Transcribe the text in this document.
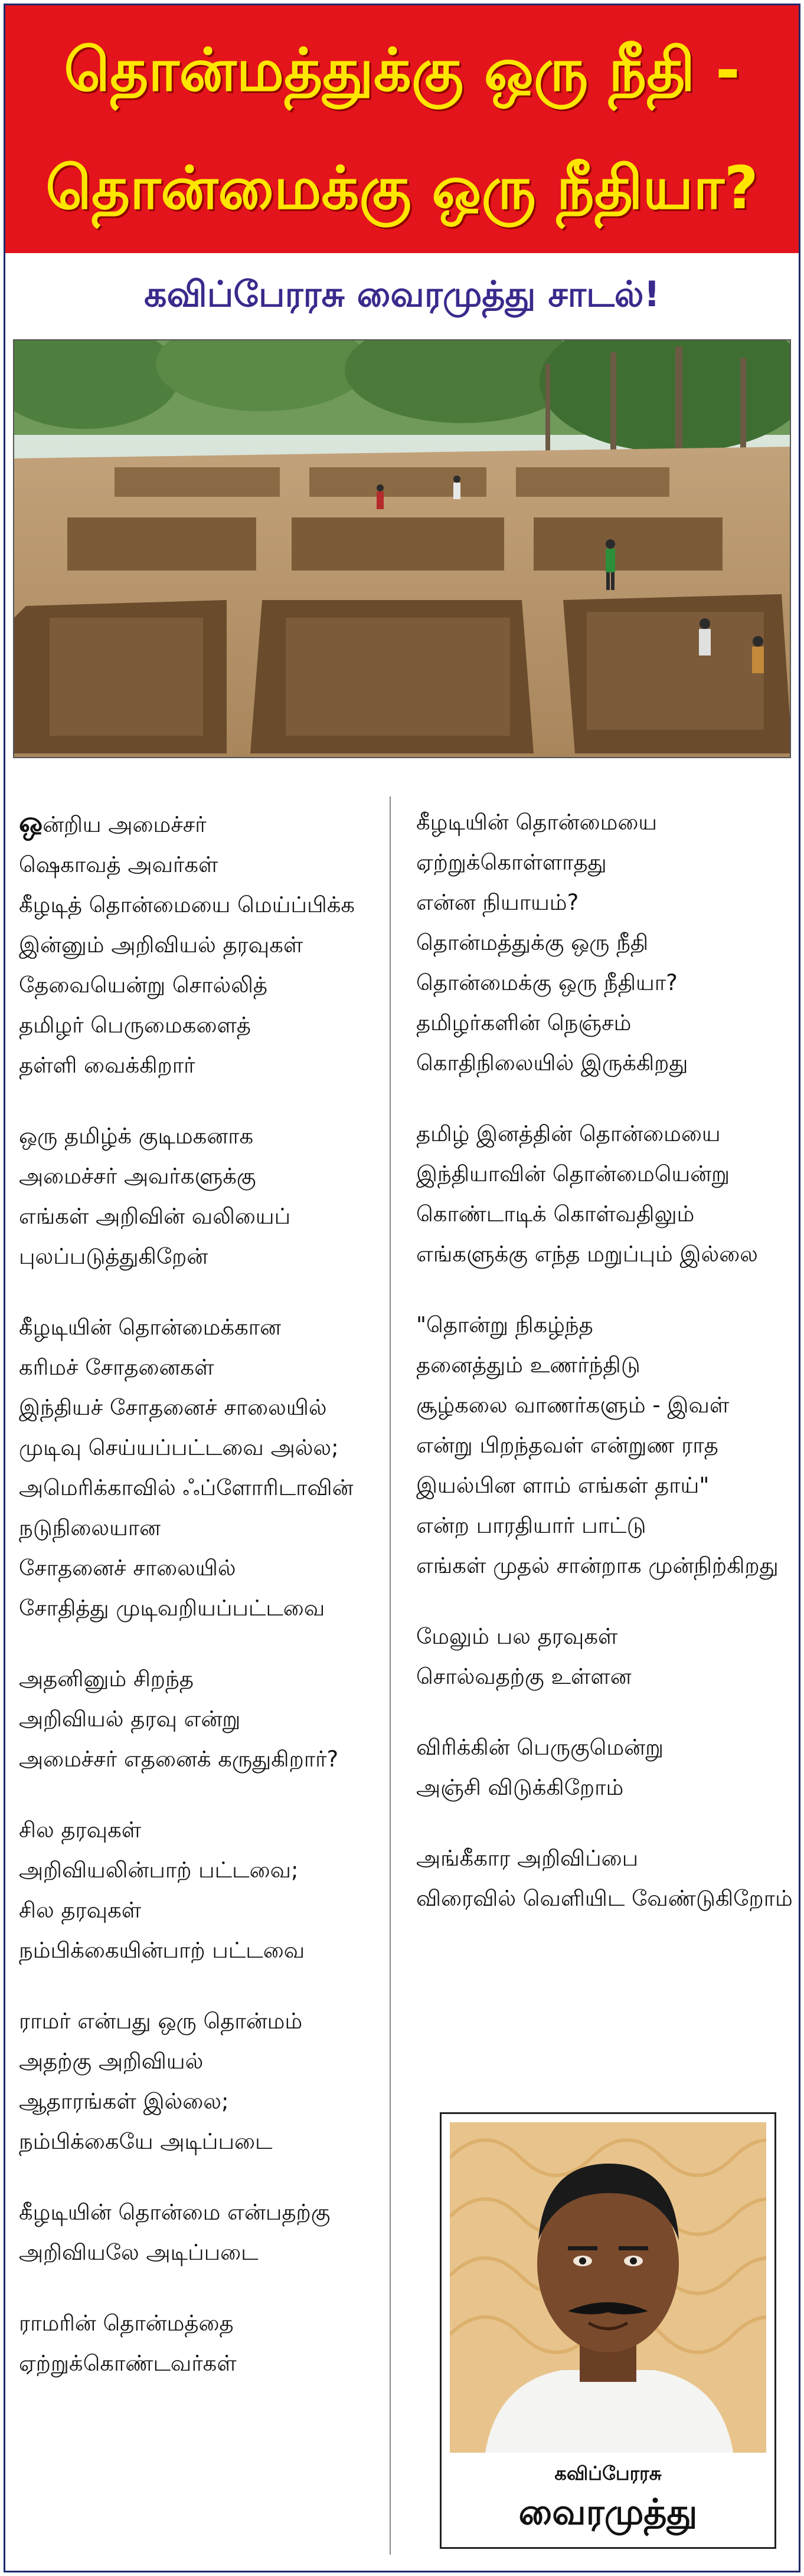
தொன்மத்துக்கு ஒரு நீதி -
தொன்மைக்கு ஒரு நீதியா?
கவிப்பேரரசு வைரமுத்து சாடல்!

ஒன்றிய அமைச்சர்

ஷெகாவத் அவர்கள்

கீழடித் தொன்மையை மெய்ப்பிக்க

இன்னும் அறிவியல் தரவுகள்

தேவையென்று சொல்லித்

தமிழர் பெருமைகளைத்

தள்ளி வைக்கிறார்

ஒரு தமிழ்க் குடிமகனாக

அமைச்சர் அவர்களுக்கு

எங்கள் அறிவின் வலியைப்

புலப்படுத்துகிறேன்

கீழடியின் தொன்மைக்கான

கரிமச் சோதனைகள்

இந்தியச் சோதனைச் சாலையில்

முடிவு செய்யப்பட்டவை அல்ல;

அமெரிக்காவில் ஃப்ளோரிடாவின்

நடுநிலையான

சோதனைச் சாலையில்

சோதித்து முடிவறியப்பட்டவை

அதனினும் சிறந்த

அறிவியல் தரவு என்று

அமைச்சர் எதனைக் கருதுகிறார்?

சில தரவுகள்

அறிவியலின்பாற் பட்டவை;

சில தரவுகள்

நம்பிக்கையின்பாற் பட்டவை

ராமர் என்பது ஒரு தொன்மம்

அதற்கு அறிவியல்

ஆதாரங்கள் இல்லை;

நம்பிக்கையே அடிப்படை

கீழடியின் தொன்மை என்பதற்கு

அறிவியலே அடிப்படை

ராமரின் தொன்மத்தை

ஏற்றுக்கொண்டவர்கள்

கீழடியின் தொன்மையை

ஏற்றுக்கொள்ளாதது

என்ன நியாயம்?

தொன்மத்துக்கு ஒரு நீதி

தொன்மைக்கு ஒரு நீதியா?

தமிழர்களின் நெஞ்சம்

கொதிநிலையில் இருக்கிறது

தமிழ் இனத்தின் தொன்மையை

இந்தியாவின் தொன்மையென்று

கொண்டாடிக் கொள்வதிலும்

எங்களுக்கு எந்த மறுப்பும் இல்லை

"தொன்று நிகழ்ந்த

தனைத்தும் உணர்ந்திடு

சூழ்கலை வாணர்களும் - இவள்

என்று பிறந்தவள் என்றுண ராத

இயல்பின ளாம் எங்கள் தாய்"

என்ற பாரதியார் பாட்டு

எங்கள் முதல் சான்றாக முன்நிற்கிறது

மேலும் பல தரவுகள்

சொல்வதற்கு உள்ளன

விரிக்கின் பெருகுமென்று

அஞ்சி விடுக்கிறோம்

அங்கீகார அறிவிப்பை

விரைவில் வெளியிட வேண்டுகிறோம்

கவிப்பேரரசு
வைரமுத்து
